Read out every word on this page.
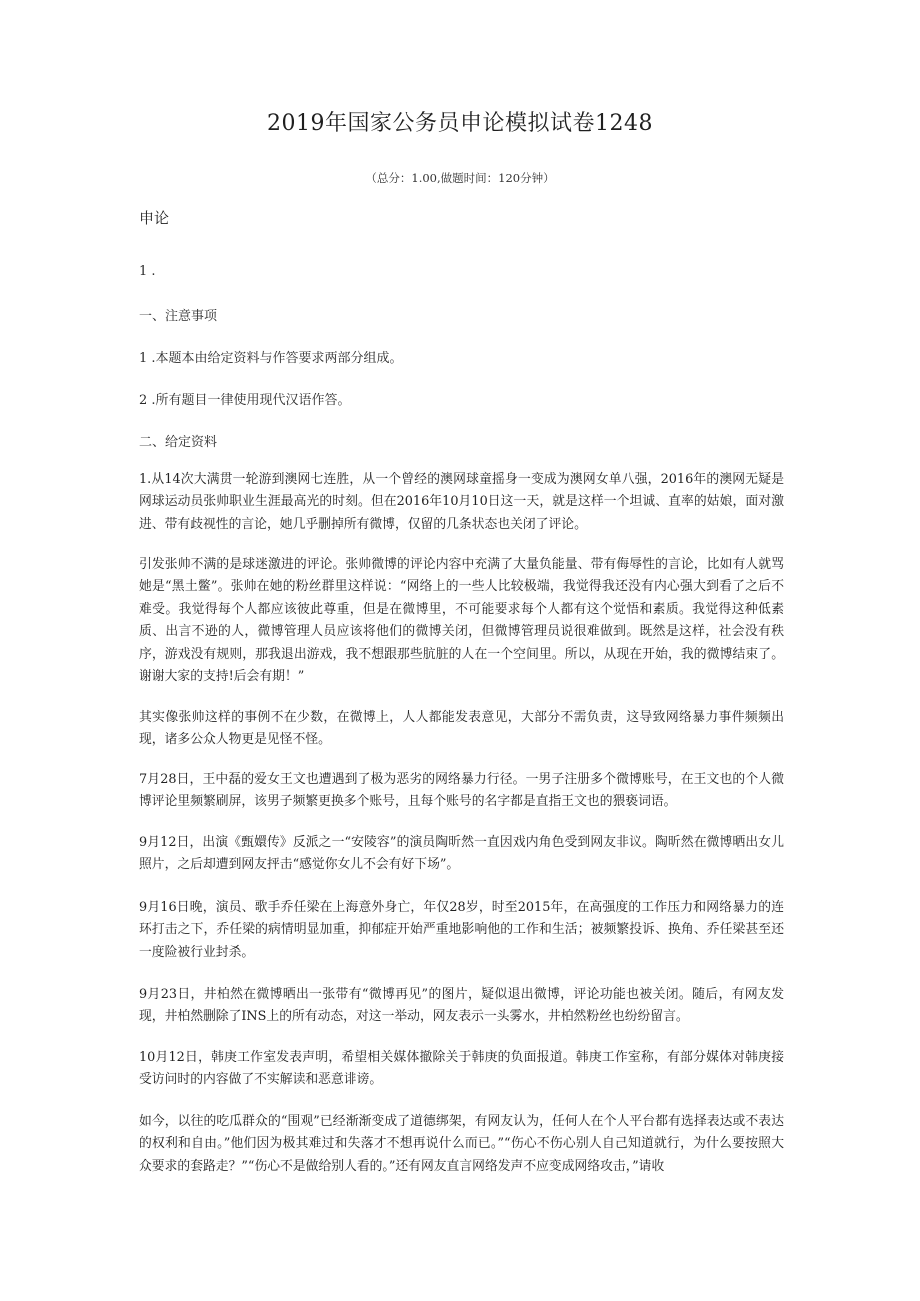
2019年国家公务员申论模拟试卷1248
（总分：1.00,做题时间：120分钟）
申论
1 .
一、注意事项
1 .本题本由给定资料与作答要求两部分组成。
2 .所有题目一律使用现代汉语作答。
二、给定资料

1.从14次大满贯一轮游到澳网七连胜，从一个曾经的澳网球童摇身一变成为澳网女单八强，2016年的澳网无疑是网球运动员张帅职业生涯最高光的时刻。但在2016年10月10日这一天，就是这样一个坦诚、直率的姑娘，面对激进、带有歧视性的言论，她几乎删掉所有微博，仅留的几条状态也关闭了评论。

引发张帅不满的是球迷激进的评论。张帅微博的评论内容中充满了大量负能量、带有侮辱性的言论，比如有人就骂她是“黑土鳖”。张帅在她的粉丝群里这样说：“网络上的一些人比较极端，我觉得我还没有内心强大到看了之后不难受。我觉得每个人都应该彼此尊重，但是在微博里，不可能要求每个人都有这个觉悟和素质。我觉得这种低素质、出言不逊的人，微博管理人员应该将他们的微博关闭，但微博管理员说很难做到。既然是这样，社会没有秩序，游戏没有规则，那我退出游戏，我不想跟那些肮脏的人在一个空间里。所以，从现在开始，我的微博结束了。谢谢大家的支持!后会有期！”

其实像张帅这样的事例不在少数，在微博上，人人都能发表意见，大部分不需负责，这导致网络暴力事件频频出现，诸多公众人物更是见怪不怪。

7月28日，王中磊的爱女王文也遭遇到了极为恶劣的网络暴力行径。一男子注册多个微博账号，在王文也的个人微博评论里频繁刷屏，该男子频繁更换多个账号，且每个账号的名字都是直指王文也的猥亵词语。

9月12日，出演《甄嬛传》反派之一“安陵容”的演员陶昕然一直因戏内角色受到网友非议。陶昕然在微博晒出女儿照片，之后却遭到网友抨击“感觉你女儿不会有好下场”。

9月16日晚，演员、歌手乔任梁在上海意外身亡，年仅28岁，时至2015年，在高强度的工作压力和网络暴力的连环打击之下，乔任梁的病情明显加重，抑郁症开始严重地影响他的工作和生活；被频繁投诉、换角、乔任梁甚至还一度险被行业封杀。

9月23日，井柏然在微博晒出一张带有“微博再见”的图片，疑似退出微博，评论功能也被关闭。随后，有网友发现，井柏然删除了INS上的所有动态，对这一举动，网友表示一头雾水，井柏然粉丝也纷纷留言。

10月12日，韩庚工作室发表声明，希望相关媒体撤除关于韩庚的负面报道。韩庚工作室称，有部分媒体对韩庚接受访问时的内容做了不实解读和恶意诽谤。

如今，以往的吃瓜群众的“围观”已经渐渐变成了道德绑架，有网友认为，任何人在个人平台都有选择表达或不表达的权利和自由。”他们因为极其难过和失落才不想再说什么而已。”“伤心不伤心别人自己知道就行，为什么要按照大众要求的套路走？”“伤心不是做给别人看的。”还有网友直言网络发声不应变成网络攻击，”请收
